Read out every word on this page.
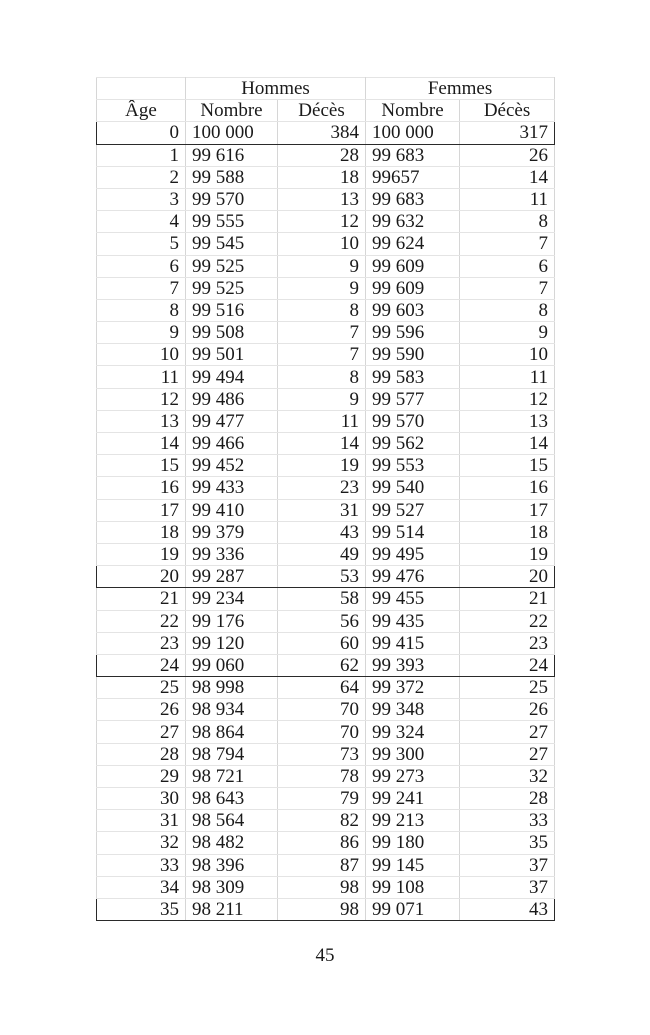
	Hommes		Femmes	
Âge	Nombre	Décès	Nombre	Décès
0	100 000	384	100 000	317
1	99 616	28	99 683	26
2	99 588	18	99657	14
3	99 570	13	99 683	11
4	99 555	12	99 632	8
5	99 545	10	99 624	7
6	99 525	9	99 609	6
7	99 525	9	99 609	7
8	99 516	8	99 603	8
9	99 508	7	99 596	9
10	99 501	7	99 590	10
11	99 494	8	99 583	11
12	99 486	9	99 577	12
13	99 477	11	99 570	13
14	99 466	14	99 562	14
15	99 452	19	99 553	15
16	99 433	23	99 540	16
17	99 410	31	99 527	17
18	99 379	43	99 514	18
19	99 336	49	99 495	19
20	99 287	53	99 476	20
21	99 234	58	99 455	21
22	99 176	56	99 435	22
23	99 120	60	99 415	23
24	99 060	62	99 393	24
25	98 998	64	99 372	25
26	98 934	70	99 348	26
27	98 864	70	99 324	27
28	98 794	73	99 300	27
29	98 721	78	99 273	32
30	98 643	79	99 241	28
31	98 564	82	99 213	33
32	98 482	86	99 180	35
33	98 396	87	99 145	37
34	98 309	98	99 108	37
35	98 211	98	99 071	43
45
